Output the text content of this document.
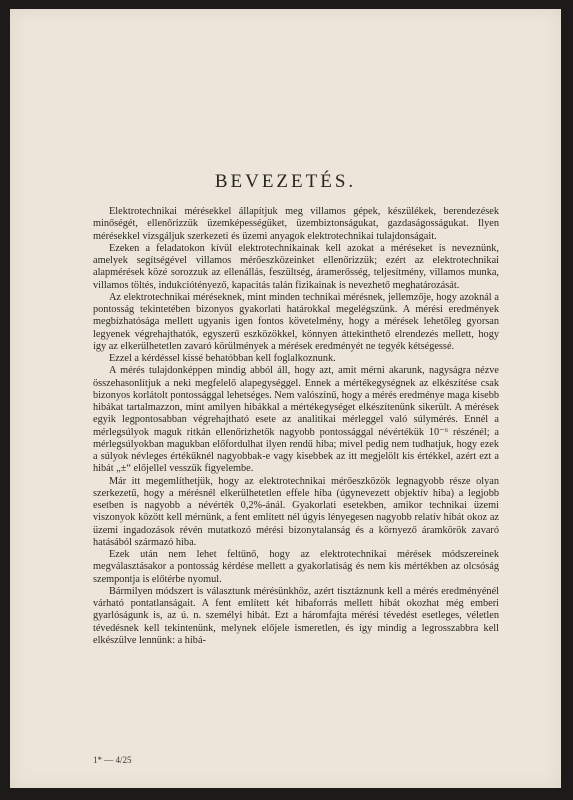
BEVEZETÉS.

Elektrotechnikai mérésekkel állapítjuk meg villamos gépek, készülékek, berendezések minőségét, ellenőrizzük üzemképességüket, üzembiztonságukat, gazdaságosságukat. Ilyen mérésekkel vizsgáljuk szerkezeti és üzemi anyagok elektrotechnikai tulajdonságait.

Ezeken a feladatokon kívül elektrotechnikainak kell azokat a méréseket is neveznünk, amelyek segítségével villamos mérőeszközeinket ellenőrizzük; ezért az elektrotechnikai alapmérések közé sorozzuk az ellenállás, feszültség, áramerősség, teljesítmény, villamos munka, villamos töltés, indukciótényező, kapacitás talán fizikainak is nevezhető meghatározását.

Az elektrotechnikai méréseknek, mint minden technikai mérésnek, jellemzője, hogy azoknál a pontosság tekintetében bizonyos gyakorlati határokkal megelégszünk. A mérési eredmények megbízhatósága mellett ugyanis igen fontos követelmény, hogy a mérések lehetőleg gyorsan legyenek végrehajthatók, egyszerű eszközökkel, könnyen áttekinthető elrendezés mellett, hogy így az elkerülhetetlen zavaró körülmények a mérések eredményét ne tegyék kétségessé.

Ezzel a kérdéssel kissé behatóbban kell foglalkoznunk.

A mérés tulajdonképpen mindig abból áll, hogy azt, amit mérni akarunk, nagyságra nézve összehasonlítjuk a neki megfelelő alapegységgel. Ennek a mértékegységnek az elkészítése csak bizonyos korlátolt pontossággal lehetséges. Nem valószínű, hogy a mérés eredménye maga kisebb hibákat tartalmazzon, mint amilyen hibákkal a mértékegységet elkészítenünk sikerült. A mérések egyik legpontosabban végrehajtható esete az analitikai mérleggel való súlymérés. Ennél a mérlegsúlyok maguk ritkán ellenőrizhetők nagyobb pontossággal névértékük 10⁻⁶ részénél; a mérlegsúlyokban magukban előfordulhat ilyen rendű hiba; mivel pedig nem tudhatjuk, hogy ezek a súlyok névleges értékűknél nagyobbak-e vagy kisebbek az itt megjelölt kis értékkel, azért ezt a hibát „±“ előjellel vesszük figyelembe.

Már itt megemlíthetjük, hogy az elektrotechnikai mérőeszközök legnagyobb része olyan szerkezetű, hogy a mérésnél elkerülhetetlen effele hiba (úgynevezett objektív hiba) a legjobb esetben is nagyobb a névérték 0,2%-ánál. Gyakorlati esetekben, amikor technikai üzemi viszonyok között kell mérnünk, a fent említett nél úgyis lényegesen nagyobb relatív hibát okoz az üzemi ingadozások révén mutatkozó mérési bizonytalanság és a környező áramkörök zavaró hatásából származó hiba.

Ezek után nem lehet feltűnő, hogy az elektrotechnikai mérések módszereinek megválasztásakor a pontosság kérdése mellett a gyakorlatiság és nem kis mértékben az olcsóság szempontja is előtérbe nyomul.

Bármilyen módszert is választunk mérésünkhöz, azért tisztáznunk kell a mérés eredményénél várható pontatlanságait. A fent említett két hibaforrás mellett hibát okozhat még emberi gyarlóságunk is, az ú. n. személyi hibát. Ezt a háromfajta mérési tévedést esetleges, véletlen tévedésnek kell tekintenünk, melynek előjele ismeretlen, és így mindig a legrosszabbra kell elkészülve lennünk: a hibá-

1* — 4/25
